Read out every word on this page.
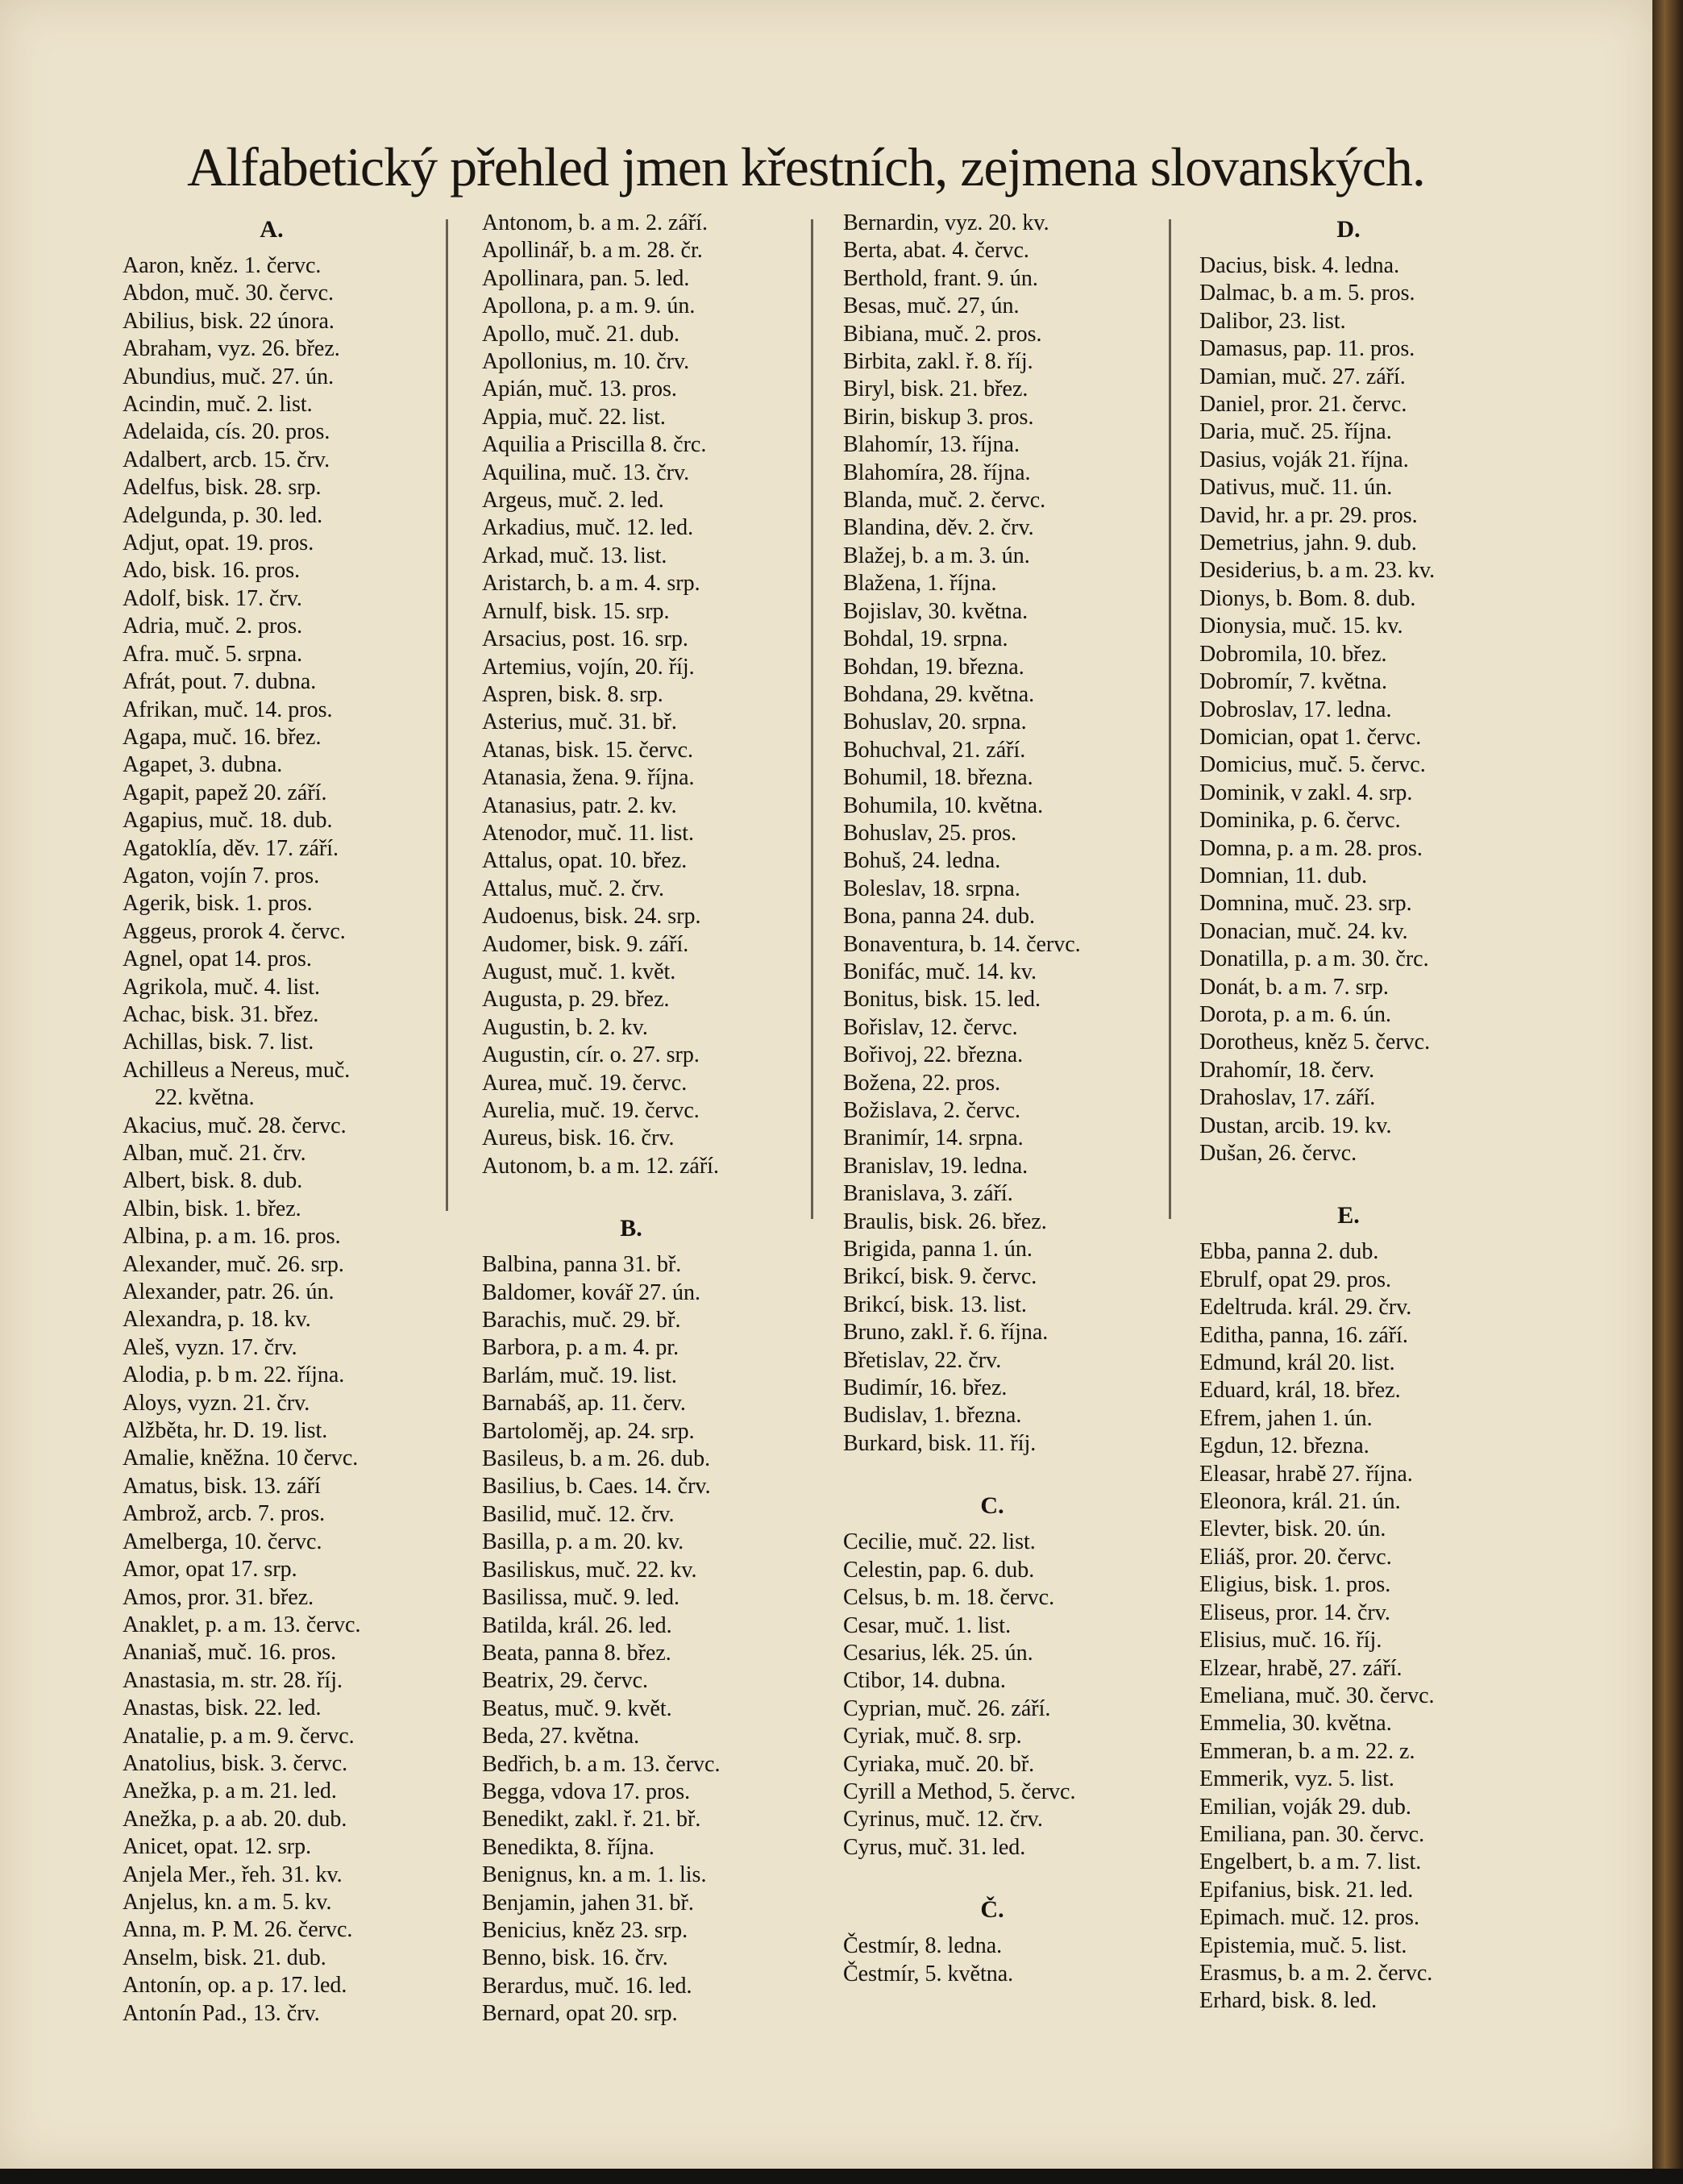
Alfabetický přehled jmen křestních, zejmena slovanských.
A.
Aaron, kněz. 1. červc.
Abdon, muč. 30. červc.
Abilius, bisk. 22 února.
Abraham, vyz. 26. břez.
Abundius, muč. 27. ún.
Acindin, muč. 2. list.
Adelaida, cís. 20. pros.
Adalbert, arcb. 15. črv.
Adelfus, bisk. 28. srp.
Adelgunda, p. 30. led.
Adjut, opat. 19. pros.
Ado, bisk. 16. pros.
Adolf, bisk. 17. črv.
Adria, muč. 2. pros.
Afra. muč. 5. srpna.
Afrát, pout. 7. dubna.
Afrikan, muč. 14. pros.
Agapa, muč. 16. břez.
Agapet, 3. dubna.
Agapit, papež 20. září.
Agapius, muč. 18. dub.
Agatoklía, děv. 17. září.
Agaton, vojín 7. pros.
Agerik, bisk. 1. pros.
Aggeus, prorok 4. červc.
Agnel, opat 14. pros.
Agrikola, muč. 4. list.
Achac, bisk. 31. břez.
Achillas, bisk. 7. list.
Achilleus a Nereus, muč.
22. května.
Akacius, muč. 28. červc.
Alban, muč. 21. črv.
Albert, bisk. 8. dub.
Albin, bisk. 1. břez.
Albina, p. a m. 16. pros.
Alexander, muč. 26. srp.
Alexander, patr. 26. ún.
Alexandra, p. 18. kv.
Aleš, vyzn. 17. črv.
Alodia, p. b m. 22. října.
Aloys, vyzn. 21. črv.
Alžběta, hr. D. 19. list.
Amalie, kněžna. 10 červc.
Amatus, bisk. 13. září
Ambrož, arcb. 7. pros.
Amelberga, 10. červc.
Amor, opat 17. srp.
Amos, pror. 31. břez.
Anaklet, p. a m. 13. červc.
Ananiaš, muč. 16. pros.
Anastasia, m. str. 28. říj.
Anastas, bisk. 22. led.
Anatalie, p. a m. 9. červc.
Anatolius, bisk. 3. červc.
Anežka, p. a m. 21. led.
Anežka, p. a ab. 20. dub.
Anicet, opat. 12. srp.
Anjela Mer., řeh. 31. kv.
Anjelus, kn. a m. 5. kv.
Anna, m. P. M. 26. červc.
Anselm, bisk. 21. dub.
Antonín, op. a p. 17. led.
Antonín Pad., 13. črv.
Antonom, b. a m. 2. září.
Apollinář, b. a m. 28. čr.
Apollinara, pan. 5. led.
Apollona, p. a m. 9. ún.
Apollo, muč. 21. dub.
Apollonius, m. 10. črv.
Apián, muč. 13. pros.
Appia, muč. 22. list.
Aquilia a Priscilla 8. črc.
Aquilina, muč. 13. črv.
Argeus, muč. 2. led.
Arkadius, muč. 12. led.
Arkad, muč. 13. list.
Aristarch, b. a m. 4. srp.
Arnulf, bisk. 15. srp.
Arsacius, post. 16. srp.
Artemius, vojín, 20. říj.
Aspren, bisk. 8. srp.
Asterius, muč. 31. bř.
Atanas, bisk. 15. červc.
Atanasia, žena. 9. října.
Atanasius, patr. 2. kv.
Atenodor, muč. 11. list.
Attalus, opat. 10. břez.
Attalus, muč. 2. črv.
Audoenus, bisk. 24. srp.
Audomer, bisk. 9. září.
August, muč. 1. květ.
Augusta, p. 29. břez.
Augustin, b. 2. kv.
Augustin, cír. o. 27. srp.
Aurea, muč. 19. červc.
Aurelia, muč. 19. červc.
Aureus, bisk. 16. črv.
Autonom, b. a m. 12. září.
B.
Balbina, panna 31. bř.
Baldomer, kovář 27. ún.
Barachis, muč. 29. bř.
Barbora, p. a m. 4. pr.
Barlám, muč. 19. list.
Barnabáš, ap. 11. červ.
Bartoloměj, ap. 24. srp.
Basileus, b. a m. 26. dub.
Basilius, b. Caes. 14. črv.
Basilid, muč. 12. črv.
Basilla, p. a m. 20. kv.
Basiliskus, muč. 22. kv.
Basilissa, muč. 9. led.
Batilda, král. 26. led.
Beata, panna 8. břez.
Beatrix, 29. červc.
Beatus, muč. 9. květ.
Beda, 27. května.
Bedřich, b. a m. 13. červc.
Begga, vdova 17. pros.
Benedikt, zakl. ř. 21. bř.
Benedikta, 8. října.
Benignus, kn. a m. 1. lis.
Benjamin, jahen 31. bř.
Benicius, kněz 23. srp.
Benno, bisk. 16. črv.
Berardus, muč. 16. led.
Bernard, opat 20. srp.
Bernardin, vyz. 20. kv.
Berta, abat. 4. červc.
Berthold, frant. 9. ún.
Besas, muč. 27, ún.
Bibiana, muč. 2. pros.
Birbita, zakl. ř. 8. říj.
Biryl, bisk. 21. břez.
Birin, biskup 3. pros.
Blahomír, 13. října.
Blahomíra, 28. října.
Blanda, muč. 2. červc.
Blandina, děv. 2. črv.
Blažej, b. a m. 3. ún.
Blažena, 1. října.
Bojislav, 30. května.
Bohdal, 19. srpna.
Bohdan, 19. března.
Bohdana, 29. května.
Bohuslav, 20. srpna.
Bohuchval, 21. září.
Bohumil, 18. března.
Bohumila, 10. května.
Bohuslav, 25. pros.
Bohuš, 24. ledna.
Boleslav, 18. srpna.
Bona, panna 24. dub.
Bonaventura, b. 14. červc.
Bonifác, muč. 14. kv.
Bonitus, bisk. 15. led.
Bořislav, 12. červc.
Bořivoj, 22. března.
Božena, 22. pros.
Božislava, 2. červc.
Branimír, 14. srpna.
Branislav, 19. ledna.
Branislava, 3. září.
Braulis, bisk. 26. břez.
Brigida, panna 1. ún.
Brikcí, bisk. 9. červc.
Brikcí, bisk. 13. list.
Bruno, zakl. ř. 6. října.
Břetislav, 22. črv.
Budimír, 16. břez.
Budislav, 1. března.
Burkard, bisk. 11. říj.
C.
Cecilie, muč. 22. list.
Celestin, pap. 6. dub.
Celsus, b. m. 18. červc.
Cesar, muč. 1. list.
Cesarius, lék. 25. ún.
Ctibor, 14. dubna.
Cyprian, muč. 26. září.
Cyriak, muč. 8. srp.
Cyriaka, muč. 20. bř.
Cyrill a Method, 5. červc.
Cyrinus, muč. 12. črv.
Cyrus, muč. 31. led.
Č.
Čestmír, 8. ledna.
Čestmír, 5. května.
D.
Dacius, bisk. 4. ledna.
Dalmac, b. a m. 5. pros.
Dalibor, 23. list.
Damasus, pap. 11. pros.
Damian, muč. 27. září.
Daniel, pror. 21. červc.
Daria, muč. 25. října.
Dasius, voják 21. října.
Dativus, muč. 11. ún.
David, hr. a pr. 29. pros.
Demetrius, jahn. 9. dub.
Desiderius, b. a m. 23. kv.
Dionys, b. Bom. 8. dub.
Dionysia, muč. 15. kv.
Dobromila, 10. břez.
Dobromír, 7. května.
Dobroslav, 17. ledna.
Domician, opat 1. červc.
Domicius, muč. 5. červc.
Dominik, v zakl. 4. srp.
Dominika, p. 6. červc.
Domna, p. a m. 28. pros.
Domnian, 11. dub.
Domnina, muč. 23. srp.
Donacian, muč. 24. kv.
Donatilla, p. a m. 30. črc.
Donát, b. a m. 7. srp.
Dorota, p. a m. 6. ún.
Dorotheus, kněz 5. červc.
Drahomír, 18. červ.
Drahoslav, 17. září.
Dustan, arcib. 19. kv.
Dušan, 26. červc.
E.
Ebba, panna 2. dub.
Ebrulf, opat 29. pros.
Edeltruda. král. 29. črv.
Editha, panna, 16. září.
Edmund, král 20. list.
Eduard, král, 18. břez.
Efrem, jahen 1. ún.
Egdun, 12. března.
Eleasar, hrabě 27. října.
Eleonora, král. 21. ún.
Elevter, bisk. 20. ún.
Eliáš, pror. 20. červc.
Eligius, bisk. 1. pros.
Eliseus, pror. 14. črv.
Elisius, muč. 16. říj.
Elzear, hrabě, 27. září.
Emeliana, muč. 30. červc.
Emmelia, 30. května.
Emmeran, b. a m. 22. z.
Emmerik, vyz. 5. list.
Emilian, voják 29. dub.
Emiliana, pan. 30. červc.
Engelbert, b. a m. 7. list.
Epifanius, bisk. 21. led.
Epimach. muč. 12. pros.
Epistemia, muč. 5. list.
Erasmus, b. a m. 2. červc.
Erhard, bisk. 8. led.
